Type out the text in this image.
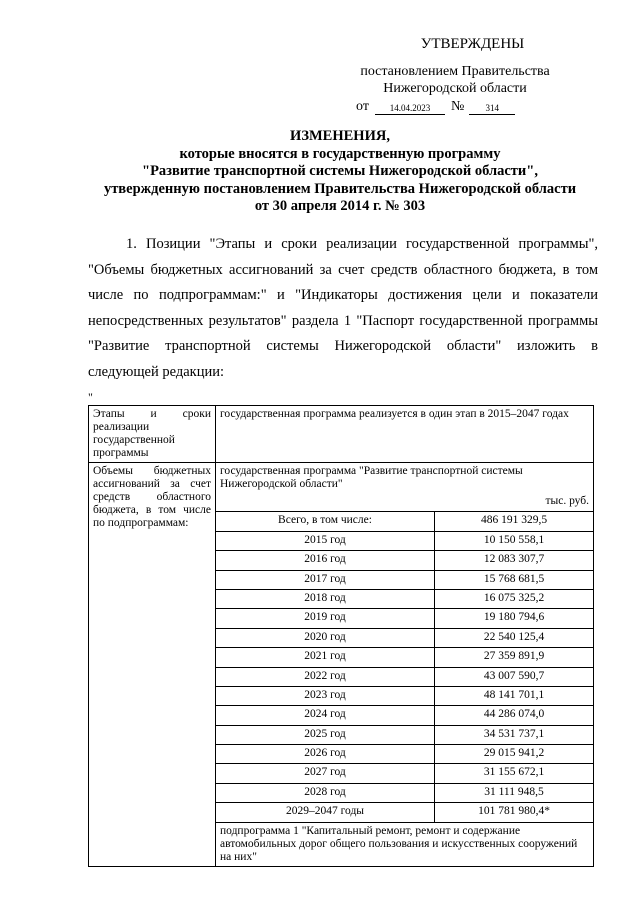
УТВЕРЖДЕНЫ
постановлением Правительства
Нижегородской области
от	14.04.2023	№	314
ИЗМЕНЕНИЯ,
которые вносятся в государственную программу
"Развитие транспортной системы Нижегородской области",
утвержденную постановлением Правительства Нижегородской области
от 30 апреля 2014 г. № 303
1. Позиции "Этапы и сроки реализации государственной программы", "Объемы бюджетных ассигнований за счет средств областного бюджета, в том числе по подпрограммам:" и "Индикаторы достижения цели и показатели непосредственных результатов" раздела 1 "Паспорт государственной программы "Развитие транспортной системы Нижегородской области" изложить в следующей редакции:
"
Этапы и сроки реализации государственной программы	государственная программа реализуется в один этап в 2015–2047 годах
Объемы бюджетных ассигнований за счет средств областного бюджета, в том числе по подпрограммам:	
государственная программа "Развитие транспортной системы Нижегородской области"
тыс. руб.
Всего, в том числе:	486 191 329,5
2015 год	10 150 558,1
2016 год	12 083 307,7
2017 год	15 768 681,5
2018 год	16 075 325,2
2019 год	19 180 794,6
2020 год	22 540 125,4
2021 год	27 359 891,9
2022 год	43 007 590,7
2023 год	48 141 701,1
2024 год	44 286 074,0
2025 год	34 531 737,1
2026 год	29 015 941,2
2027 год	31 155 672,1
2028 год	31 111 948,5
2029–2047 годы	101 781 980,4*
подпрограмма 1 "Капитальный ремонт, ремонт и содержание автомобильных дорог общего пользования и искусственных сооружений на них"
